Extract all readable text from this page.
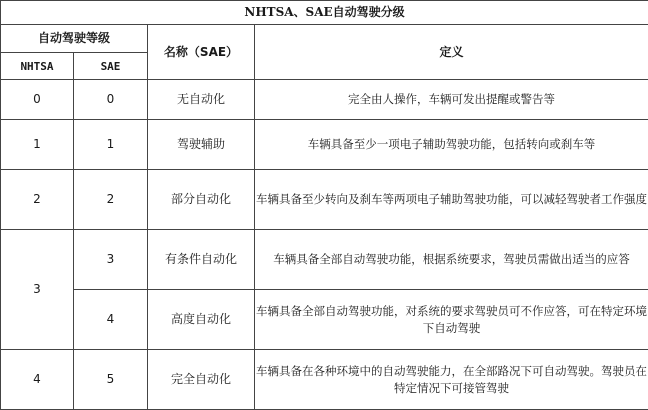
NHTSA、SAE自动驾驶分级			
自动驾驶等级		名称（SAE）	定义
NHTSA	SAE		
0	0	无自动化	完全由人操作，车辆可发出提醒或警告等
1	1	驾驶辅助	车辆具备至少一项电子辅助驾驶功能，包括转向或刹车等
2	2	部分自动化	车辆具备至少转向及刹车等两项电子辅助驾驶功能，可以减轻驾驶者工作强度
3	3	有条件自动化	车辆具备全部自动驾驶功能，根据系统要求，驾驶员需做出适当的应答
	4	高度自动化	车辆具备全部自动驾驶功能，对系统的要求驾驶员可不作应答，可在特定环境下自动驾驶
4	5	完全自动化	车辆具备在各种环境中的自动驾驶能力，在全部路况下可自动驾驶。驾驶员在特定情况下可接管驾驶
